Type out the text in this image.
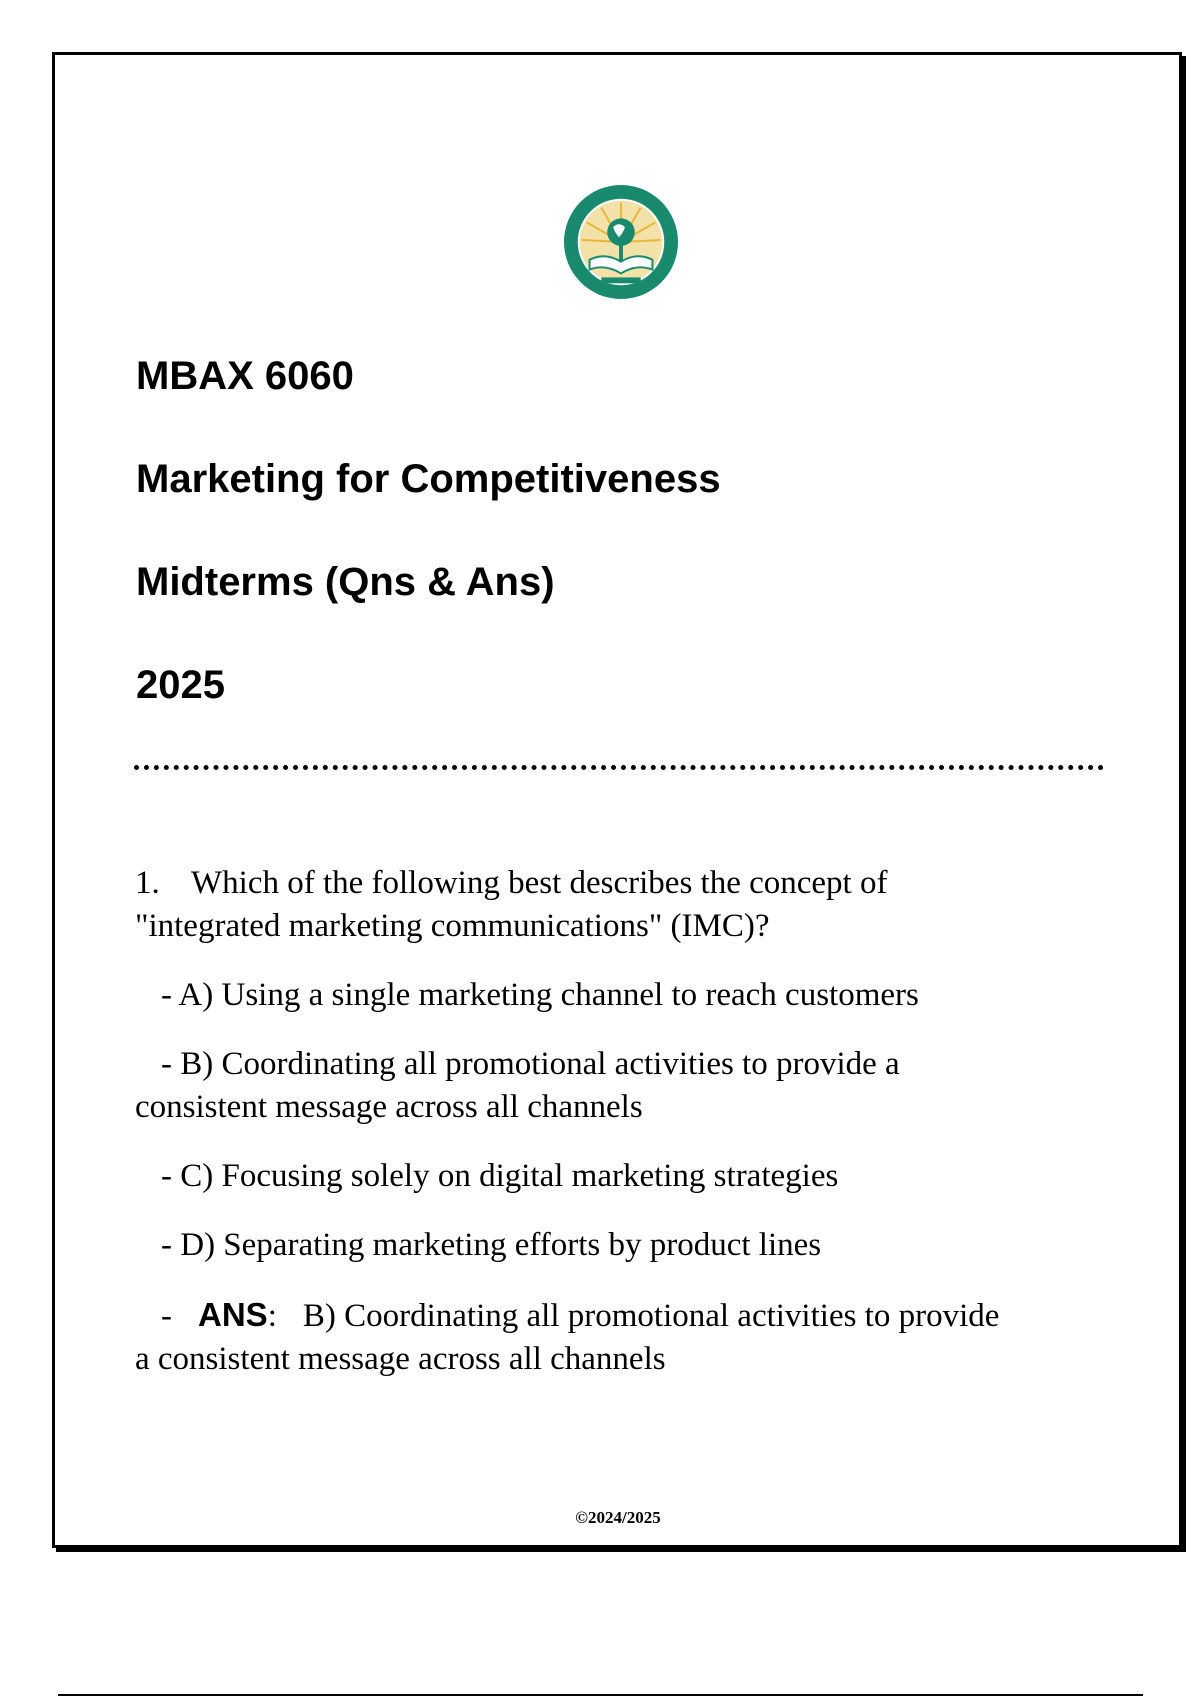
MBAX 6060
Marketing for Competitiveness
Midterms (Qns & Ans)
2025

1. Which of the following best describes the concept of
"integrated marketing communications" (IMC)?

- A) Using a single marketing channel to reach customers

- B) Coordinating all promotional activities to provide a
consistent message across all channels

- C) Focusing solely on digital marketing strategies

- D) Separating marketing efforts by product lines

- ANS: B) Coordinating all promotional activities to provide
a consistent message across all channels

©2024/2025
